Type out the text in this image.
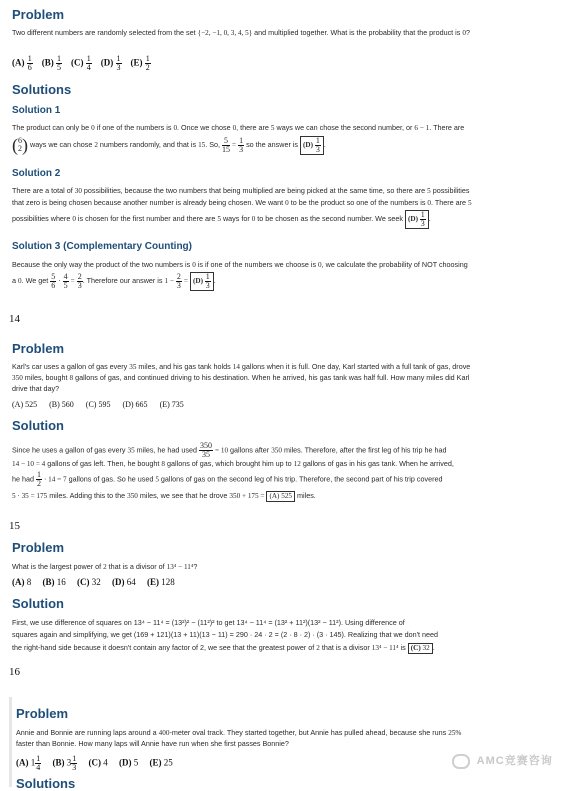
Problem
Two different numbers are randomly selected from the set {−2, −1, 0, 3, 4, 5} and multiplied together. What is the probability that the product is 0?
$(A) \frac{1}{6} (B) \frac{1}{5} (C) \frac{1}{4} (D) \frac{1}{3} (E) \frac{1}{2}$
Solutions
Solution 1
The product can only be 0 if one of the numbers is 0. Once we chose 0, there are 5 ways we can chose the second number, or 6 − 1. There are
( 6
2 ) ways we can chose 2 numbers randomly, and that is 15. So, $\frac{5}{15} = \frac{1}{3}$ so the answer is $(D) \frac{1}{3}$ .
Solution 2
There are a total of 30 possibilities, because the two numbers that being multiplied are being picked at the same time, so there are 5 possibilities
that zero is being chosen because another number is already being chosen. We want 0 to be the product so one of the numbers is 0. There are 5
possibilities where 0 is chosen for the first number and there are 5 ways for 0 to be chosen as the second number. We seek $(D) \frac{1}{3}$ .
Solution 3 (Complementary Counting)
Because the only way the product of the two numbers is 0 is if one of the numbers we choose is 0, we calculate the probability of NOT choosing
a 0. We get $\frac{5}{6} \cdot \frac{4}{5} = \frac{2}{3}$ . Therefore our answer is $1 - \frac{2}{3} = (D) \frac{1}{3}$ .
14
Problem
Karl's car uses a gallon of gas every 35 miles, and his gas tank holds 14 gallons when it is full. One day, Karl started with a full tank of gas, drove
350 miles, bought 8 gallons of gas, and continued driving to his destination. When he arrived, his gas tank was half full. How many miles did Karl
drive that day?
(A) 525 (B) 560 (C) 595 (D) 665 (E) 735
Solution
Since he uses a gallon of gas every 35 miles, he had used $\frac{350}{35} = 10$ gallons after 350 miles. Therefore, after the first leg of his trip he had
14 − 10 = 4 gallons of gas left. Then, he bought 8 gallons of gas, which brought him up to 12 gallons of gas in his gas tank. When he arrived,
he had $\frac{1}{2} \cdot 14 = 7$ gallons of gas. So he used 5 gallons of gas on the second leg of his trip. Therefore, the second part of his trip covered
5 · 35 = 175 miles. Adding this to the 350 miles, we see that he drove 350 + 175 = (A) 525 miles.
15
Problem
What is the largest power of 2 that is a divisor of 13⁴ − 11⁴?
(A) 8     (B) 16     (C) 32     (D) 64     (E) 128
Solution
First, we use difference of squares on 13⁴ − 11⁴ = (13²)² − (11²)² to get 13⁴ − 11⁴ = (13² + 11²)(13² − 11²). Using difference of
squares again and simplifying, we get (169 + 121)(13 + 11)(13 − 11) = 290 · 24 · 2 = (2 · 8 · 2) · (3 · 145). Realizing that we don't need
the right-hand side because it doesn't contain any factor of 2, we see that the greatest power of 2 that is a divisor 13⁴ − 11⁴ is (C) 32 .
16
Problem
Annie and Bonnie are running laps around a 400-meter oval track. They started together, but Annie has pulled ahead, because she runs 25%
faster than Bonnie. How many laps will Annie have run when she first passes Bonnie?
(A) $1 \frac{1}{4} (B)$ $3 \frac{1}{3} (C)$ 4     (D) 5     (E) 25
Solutions
AMC竞赛咨询
